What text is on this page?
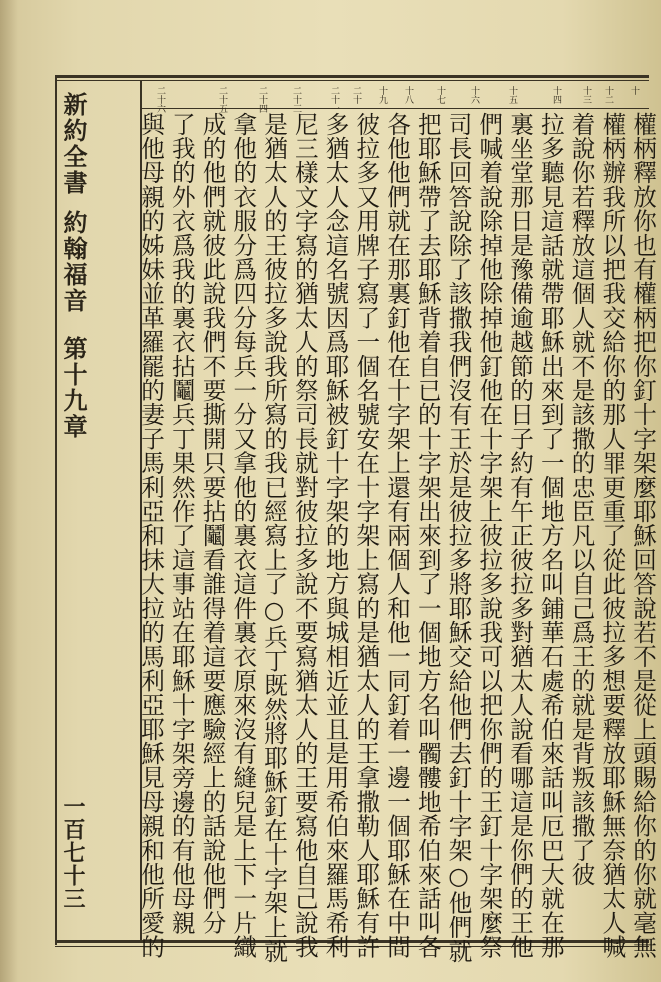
新約全書約翰福音第十九章
一百七十三
十
十二
十三
十四
十五
十六
十七
十八
十九
二十
二十一
二十三
二十四
二十五
二十六
權柄釋放你也有權柄把你釘十字架麼耶穌回答說若不是從上頭賜給你的你就毫無
權柄辦我所以把我交給你的那人罪更重了從此彼拉多想要釋放耶穌無奈猶太人喊
着說你若釋放這個人就不是該撒的忠臣凡以自己爲王的就是背叛該撒了彼
拉多聽見這話就帶耶穌出來到了一個地方名叫鋪華石處希伯來話叫厄巴大就在那
裏坐堂那日是豫備逾越節的日子約有午正彼拉多對猶太人說看哪這是你們的王他
們喊着說除掉他除掉他釘他在十字架上彼拉多說我可以把你們的王釘十字架麼祭
司長回答說除了該撒我們沒有王於是彼拉多將耶穌交給他們去釘十字架○他們就
把耶穌帶了去耶穌背着自已的十字架出來到了一個地方名叫髑髏地希伯來話叫各
各他他們就在那裏釘他在十字架上還有兩個人和他一同釘着一邊一個耶穌在中間
彼拉多又用牌子寫了一個名號安在十字架上寫的是猶太人的王拿撒勒人耶穌有許
多猶太人念這名號因爲耶穌被釘十字架的地方與城相近並且是用希伯來羅馬希利
尼三樣文字寫的猶太人的祭司長就對彼拉多說不要寫猶太人的王要寫他自己說我
是猶太人的王彼拉多說我所寫的我已經寫上了○兵丁既然將耶穌釘在十字架上就
拿他的衣服分爲四分每兵一分又拿他的裏衣這件裏衣原來沒有縫兒是上下一片織
成的他們就彼此說我們不要撕開只要拈鬮看誰得着這要應驗經上的話說他們分
了我的外衣爲我的裏衣拈鬮兵丁果然作了這事站在耶穌十字架旁邊的有他母親
與他母親的姊妹並革羅罷的妻子馬利亞和抹大拉的馬利亞耶穌見母親和他所愛的
